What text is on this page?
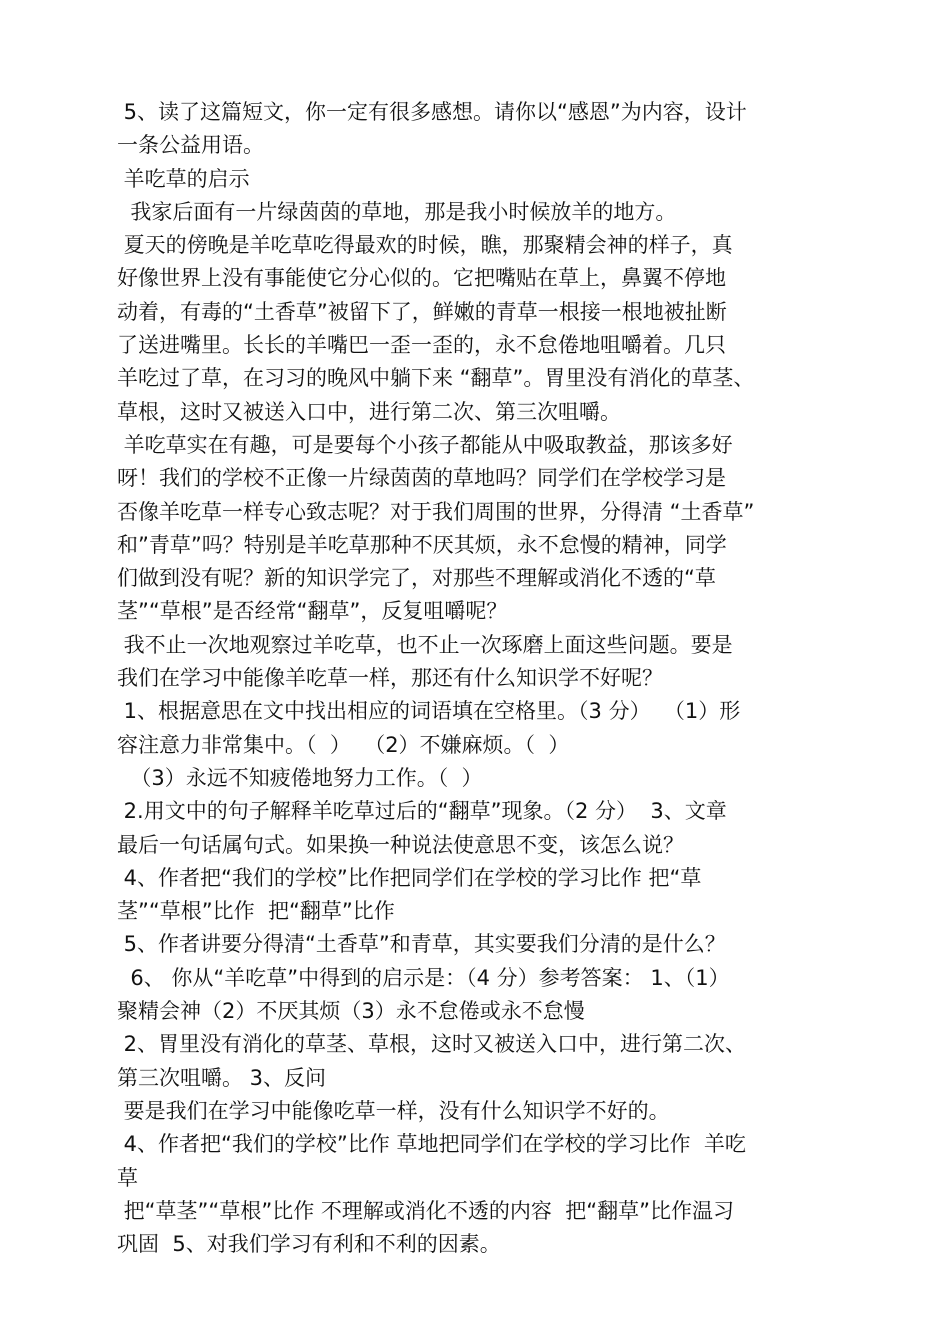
5、读了这篇短文，你一定有很多感想。请你以“感恩”为内容，设计
一条公益用语。
羊吃草的启示
我家后面有一片绿茵茵的草地，那是我小时候放羊的地方。
夏天的傍晚是羊吃草吃得最欢的时候，瞧，那聚精会神的样子，真
好像世界上没有事能使它分心似的。它把嘴贴在草上，鼻翼不停地
动着，有毒的“土香草”被留下了，鲜嫩的青草一根接一根地被扯断
了送进嘴里。长长的羊嘴巴一歪一歪的，永不怠倦地咀嚼着。几只
羊吃过了草，在习习的晚风中躺下来 “翻草”。胃里没有消化的草茎、
草根，这时又被送入口中，进行第二次、第三次咀嚼。
羊吃草实在有趣，可是要每个小孩子都能从中吸取教益，那该多好
呀！我们的学校不正像一片绿茵茵的草地吗？同学们在学校学习是
否像羊吃草一样专心致志呢？对于我们周围的世界，分得清 “土香草”
和”青草”吗？特别是羊吃草那种不厌其烦，永不怠慢的精神，同学
们做到没有呢？新的知识学完了，对那些不理解或消化不透的“草
茎”“草根”是否经常“翻草”，反复咀嚼呢？
我不止一次地观察过羊吃草，也不止一次琢磨上面这些问题。要是
我们在学习中能像羊吃草一样，那还有什么知识学不好呢？
1、根据意思在文中找出相应的词语填在空格里。（3 分）  （1）形
容注意力非常集中。（  ）  （2）不嫌麻烦。（  ）
（3）永远不知疲倦地努力工作。（  ）
2.用文中的句子解释羊吃草过后的“翻草”现象。（2 分）  3、文章
最后一句话属句式。如果换一种说法使意思不变，该怎么说？
4、作者把“我们的学校”比作把同学们在学校的学习比作 把“草
茎”“草根”比作  把“翻草”比作
5、作者讲要分得清“土香草”和青草，其实要我们分清的是什么？
6、 你从“羊吃草”中得到的启示是：（4 分）参考答案： 1、（1）
聚精会神（2）不厌其烦（3）永不怠倦或永不怠慢
2、胃里没有消化的草茎、草根，这时又被送入口中，进行第二次、
第三次咀嚼。 3、反问
要是我们在学习中能像吃草一样，没有什么知识学不好的。
4、作者把“我们的学校”比作 草地把同学们在学校的学习比作  羊吃
草
把“草茎”“草根”比作 不理解或消化不透的内容  把“翻草”比作温习
巩固  5、对我们学习有利和不利的因素。
